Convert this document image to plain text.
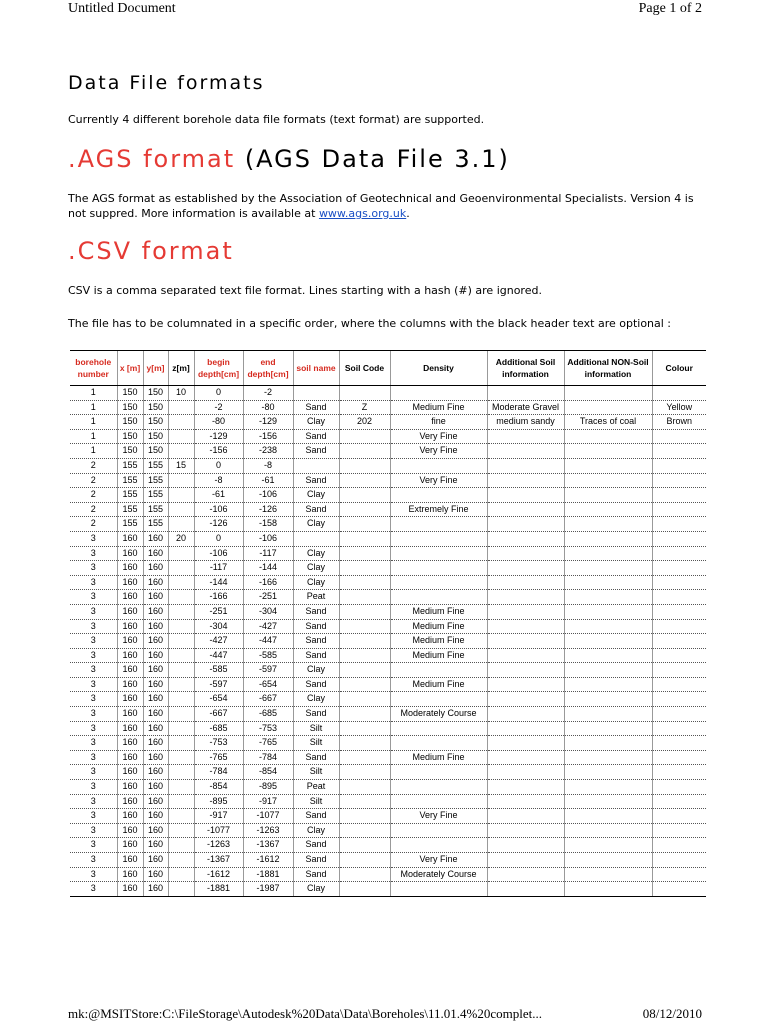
Untitled Document	Page 1 of 2
Data File formats

Currently 4 different borehole data file formats (text format) are supported.

.AGS format (AGS Data File 3.1)

The AGS format as established by the Association of Geotechnical and Geoenvironmental Specialists. Version 4 is not suppred. More information is available at www.ags.org.uk.

.CSV format

CSV is a comma separated text file format. Lines starting with a hash (#) are ignored.

The file has to be columnated in a specific order, where the columns with the black header text are optional :

borehole number	x [m]	y[m]	z[m]	begin depth[cm]	end depth[cm]	soil name	Soil Code	Density	Additional Soil information	Additional NON-Soil information	Colour
1	150	150	10	0	-2						
1	150	150		-2	-80	Sand	Z	Medium Fine	Moderate Gravel		Yellow
1	150	150		-80	-129	Clay	202	fine	medium sandy	Traces of coal	Brown
1	150	150		-129	-156	Sand		Very Fine			
1	150	150		-156	-238	Sand		Very Fine			
2	155	155	15	0	-8						
2	155	155		-8	-61	Sand		Very Fine			
2	155	155		-61	-106	Clay					
2	155	155		-106	-126	Sand		Extremely Fine			
2	155	155		-126	-158	Clay					
3	160	160	20	0	-106						
3	160	160		-106	-117	Clay					
3	160	160		-117	-144	Clay					
3	160	160		-144	-166	Clay					
3	160	160		-166	-251	Peat					
3	160	160		-251	-304	Sand		Medium Fine			
3	160	160		-304	-427	Sand		Medium Fine			
3	160	160		-427	-447	Sand		Medium Fine			
3	160	160		-447	-585	Sand		Medium Fine			
3	160	160		-585	-597	Clay					
3	160	160		-597	-654	Sand		Medium Fine			
3	160	160		-654	-667	Clay					
3	160	160		-667	-685	Sand		Moderately Course			
3	160	160		-685	-753	Silt					
3	160	160		-753	-765	Silt					
3	160	160		-765	-784	Sand		Medium Fine			
3	160	160		-784	-854	Silt					
3	160	160		-854	-895	Peat					
3	160	160		-895	-917	Silt					
3	160	160		-917	-1077	Sand		Very Fine			
3	160	160		-1077	-1263	Clay					
3	160	160		-1263	-1367	Sand					
3	160	160		-1367	-1612	Sand		Very Fine			
3	160	160		-1612	-1881	Sand		Moderately Course			
3	160	160		-1881	-1987	Clay					
mk:@MSITStore:C:\FileStorage\Autodesk%20Data\Data\Boreholes\11.01.4%20complet...	08/12/2010
